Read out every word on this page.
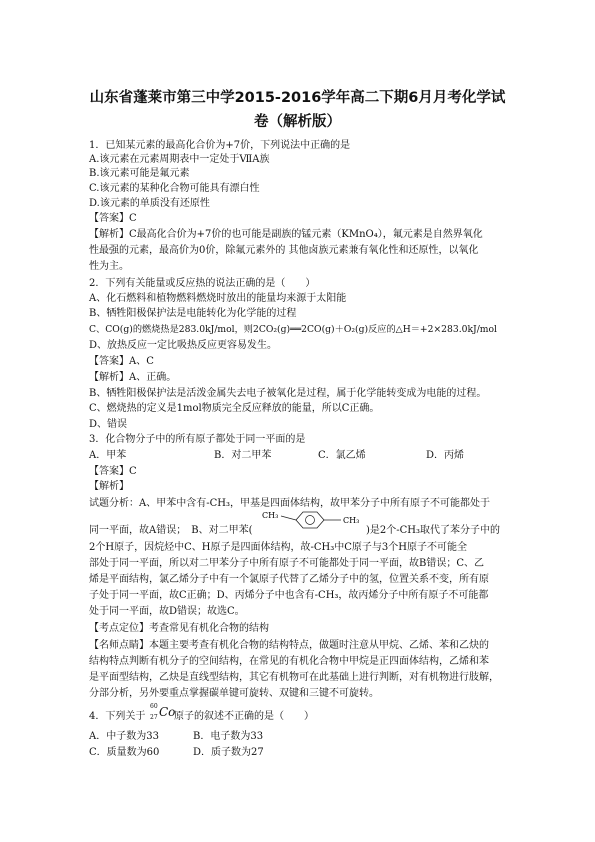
山东省蓬莱市第三中学2015-2016学年高二下期6月月考化学试
卷（解析版）
1．已知某元素的最高化合价为+7价，下列说法中正确的是
A.该元素在元素周期表中一定处于ⅦA族
B.该元素可能是氟元素
C.该元素的某种化合物可能具有漂白性
D.该元素的单质没有还原性
【答案】C
【解析】C最高化合价为+7价的也可能是副族的锰元素（KMnO₄），氟元素是自然界氧化
性最强的元素，最高价为0价，除氟元素外的 其他卤族元素兼有氧化性和还原性，以氧化
性为主。
2．下列有关能量或反应热的说法正确的是（　　）
A、化石燃料和植物燃料燃烧时放出的能量均来源于太阳能
B、牺牲阳极保护法是电能转化为化学能的过程
C、CO(g)的燃烧热是283.0kJ/mol，则2CO₂(g)══2CO(g)＋O₂(g)反应的△H＝+2×283.0kJ/mol
D、放热反应一定比吸热反应更容易发生。
【答案】A、C
【解析】A、正确。
B、牺牲阳极保护法是活泼金属失去电子被氧化是过程，属于化学能转变成为电能的过程。
C、燃烧热的定义是1mol物质完全反应释放的能量，所以C正确。
D、错误
3．化合物分子中的所有原子都处于同一平面的是
A．甲苯	B．对二甲苯	C．氯乙烯	D．丙烯
【答案】C
【解析】
试题分析：A、甲苯中含有-CH₃，甲基是四面体结构，故甲苯分子中所有原子不可能都处于
同一平面，故A错误；　B、对二甲苯(
CH₃
CH₃
)是2个-CH₃取代了苯分子中的
2个H原子，因烷烃中C、H原子是四面体结构，故-CH₃中C原子与3个H原子不可能全
部处于同一平面，所以对二甲苯分子中所有原子不可能都处于同一平面，故B错误；C、乙
烯是平面结构，氯乙烯分子中有一个氯原子代替了乙烯分子中的氢，位置关系不变，所有原
子处于同一平面，故C正确；D、丙烯分子中也含有-CH₃，故丙烯分子中所有原子不可能都
处于同一平面，故D错误；故选C。
【考点定位】考查常见有机化合物的结构
【名师点睛】本题主要考查有机化合物的结构特点，做题时注意从甲烷、乙烯、苯和乙炔的
结构特点判断有机分子的空间结构，在常见的有机化合物中甲烷是正四面体结构，乙烯和苯
是平面型结构，乙炔是直线型结构，其它有机物可在此基础上进行判断，对有机物进行肢解，
分部分析，另外要重点掌握碳单键可旋转、双键和三键不可旋转。
4．下列关于
60
27 Co
原子的叙述不正确的是（　　）
A．中子数为33	B．电子数为33
C．质量数为60	D．质子数为27
